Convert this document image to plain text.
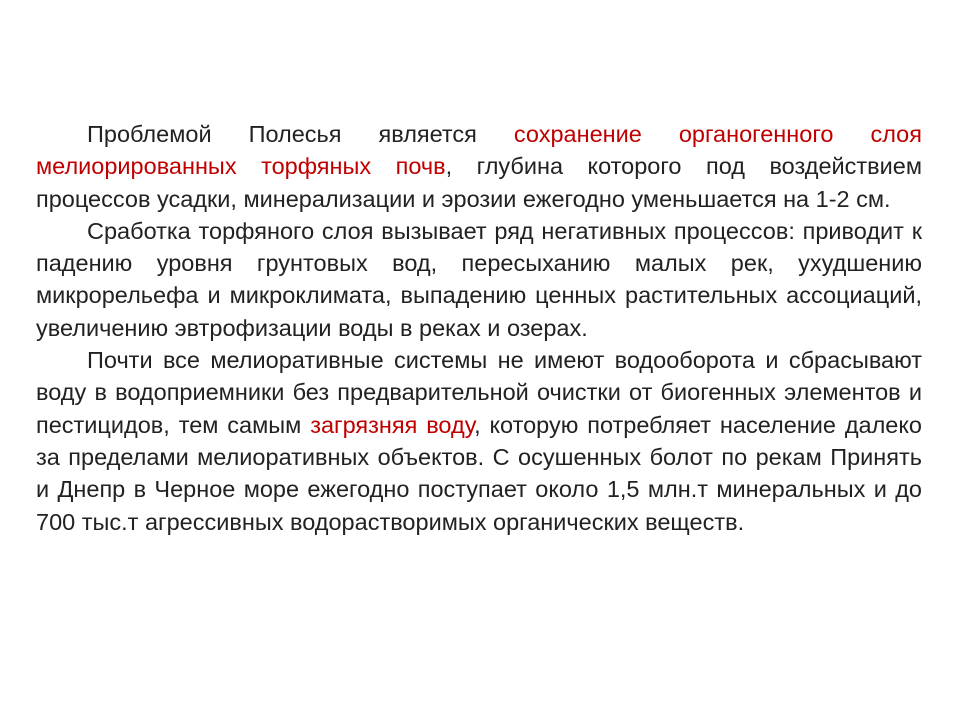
Проблемой Полесья является сохранение органогенного слоя мелиорированных торфяных почв, глубина которого под воздействием процессов усадки, минерализации и эрозии ежегодно уменьшается на 1-2 см.

Сработка торфяного слоя вызывает ряд негативных процессов: приводит к падению уровня грунтовых вод, пересыханию малых рек, ухудшению микрорельефа и микроклимата, выпадению ценных растительных ассоциаций, увеличению эвтрофизации воды в реках и озерах.

Почти все мелиоративные системы не имеют водооборота и сбрасывают воду в водоприемники без предварительной очистки от биогенных элементов и пестицидов, тем самым загрязняя воду, которую потребляет население далеко за пределами мелиоративных объектов. С осушенных болот по рекам Принять и Днепр в Черное море ежегодно поступает около 1,5 млн.т минеральных и до 700 тыс.т агрессивных водорастворимых органических веществ.
